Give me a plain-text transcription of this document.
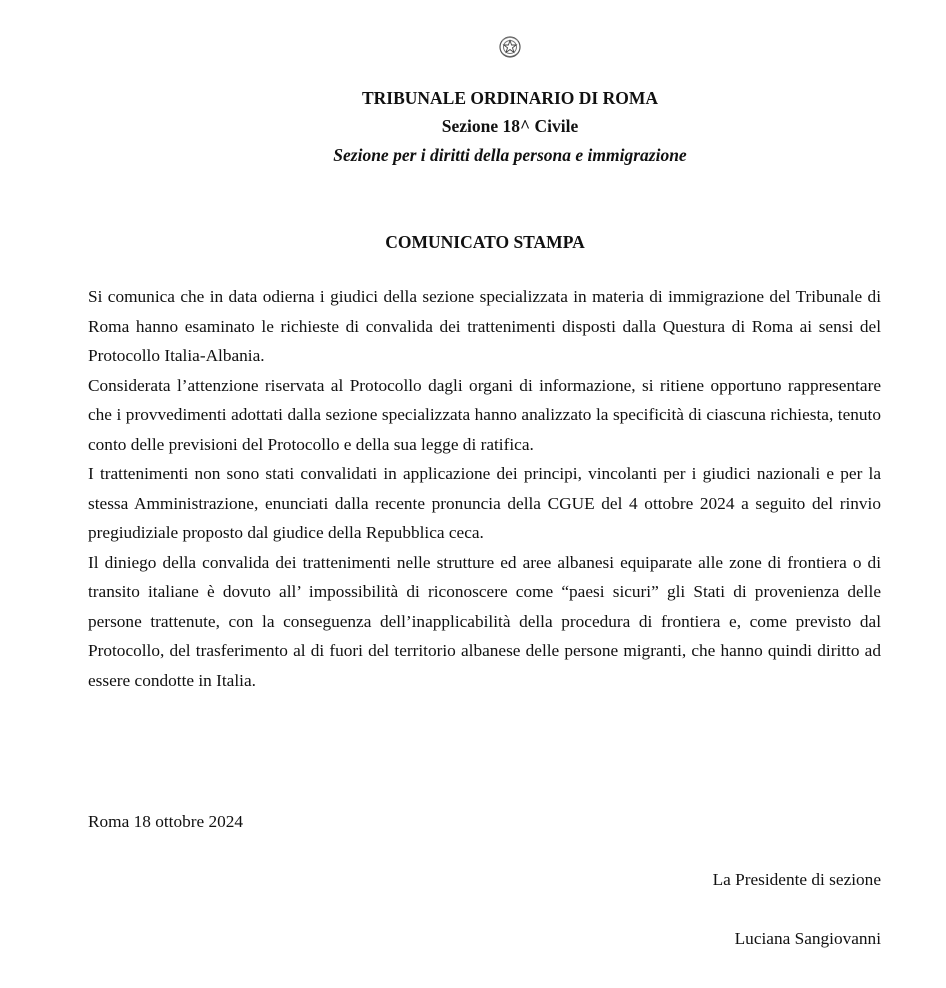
TRIBUNALE ORDINARIO DI ROMA
Sezione 18^ Civile
Sezione per i diritti della persona e immigrazione
COMUNICATO STAMPA

Si comunica che in data odierna i giudici della sezione specializzata in materia di immigrazione del Tribunale di Roma hanno esaminato le richieste di convalida dei trattenimenti disposti dalla Questura di Roma ai sensi del Protocollo Italia-Albania.

Considerata l’attenzione riservata al Protocollo dagli organi di informazione, si ritiene opportuno rappresentare che i provvedimenti adottati dalla sezione specializzata hanno analizzato la specificità di ciascuna richiesta, tenuto conto delle previsioni del Protocollo e della sua legge di ratifica.

I trattenimenti non sono stati convalidati in applicazione dei principi, vincolanti per i giudici nazionali e per la stessa Amministrazione, enunciati dalla recente pronuncia della CGUE del 4 ottobre 2024 a seguito del rinvio pregiudiziale proposto dal giudice della Repubblica ceca.

Il diniego della convalida dei trattenimenti nelle strutture ed aree albanesi equiparate alle zone di frontiera o di transito italiane è dovuto all’ impossibilità di riconoscere come “paesi sicuri” gli Stati di provenienza delle persone trattenute, con la conseguenza dell’inapplicabilità della procedura di frontiera e, come previsto dal Protocollo, del trasferimento al di fuori del territorio albanese delle persone migranti, che hanno quindi diritto ad essere condotte in Italia.

Roma 18 ottobre 2024
La Presidente di sezione
Luciana Sangiovanni
